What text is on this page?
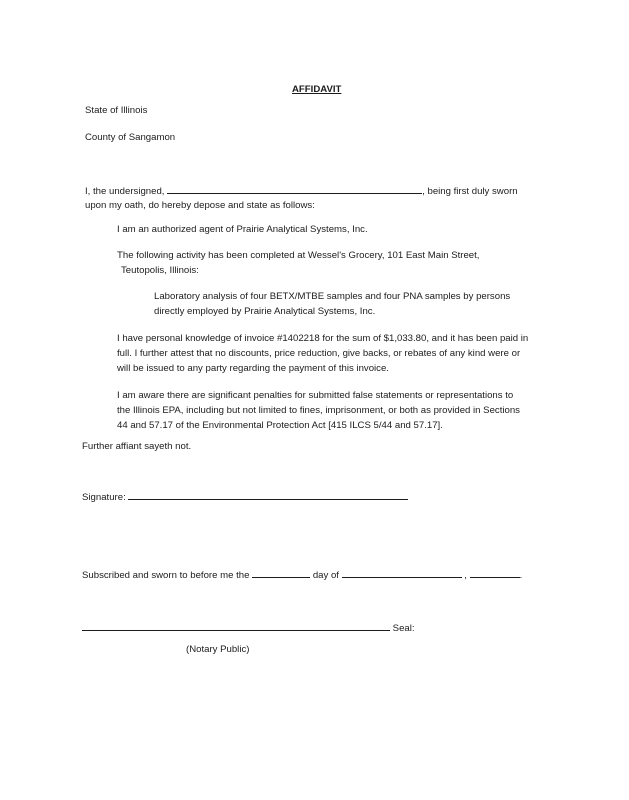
AFFIDAVIT
State of Illinois
County of Sangamon
I, the undersigned,	, being first duly sworn
upon my oath, do hereby depose and state as follows:
I am an authorized agent of Prairie Analytical Systems, Inc.
The following activity has been completed at Wessel's Grocery, 101 East Main Street,
Teutopolis, Illinois:
Laboratory analysis of four BETX/MTBE samples and four PNA samples by persons
directly employed by Prairie Analytical Systems, Inc.
I have personal knowledge of invoice #1402218 for the sum of $1,033.80, and it has been paid in
full. I further attest that no discounts, price reduction, give backs, or rebates of any kind were or
will be issued to any party regarding the payment of this invoice.
I am aware there are significant penalties for submitted false statements or representations to
the Illinois EPA, including but not limited to fines, imprisonment, or both as provided in Sections
44 and 57.17 of the Environmental Protection Act [415 ILCS 5/44 and 57.17].
Further affiant sayeth not.
Signature:
Subscribed and sworn to before me the	day of	,	.
Seal:
(Notary Public)
